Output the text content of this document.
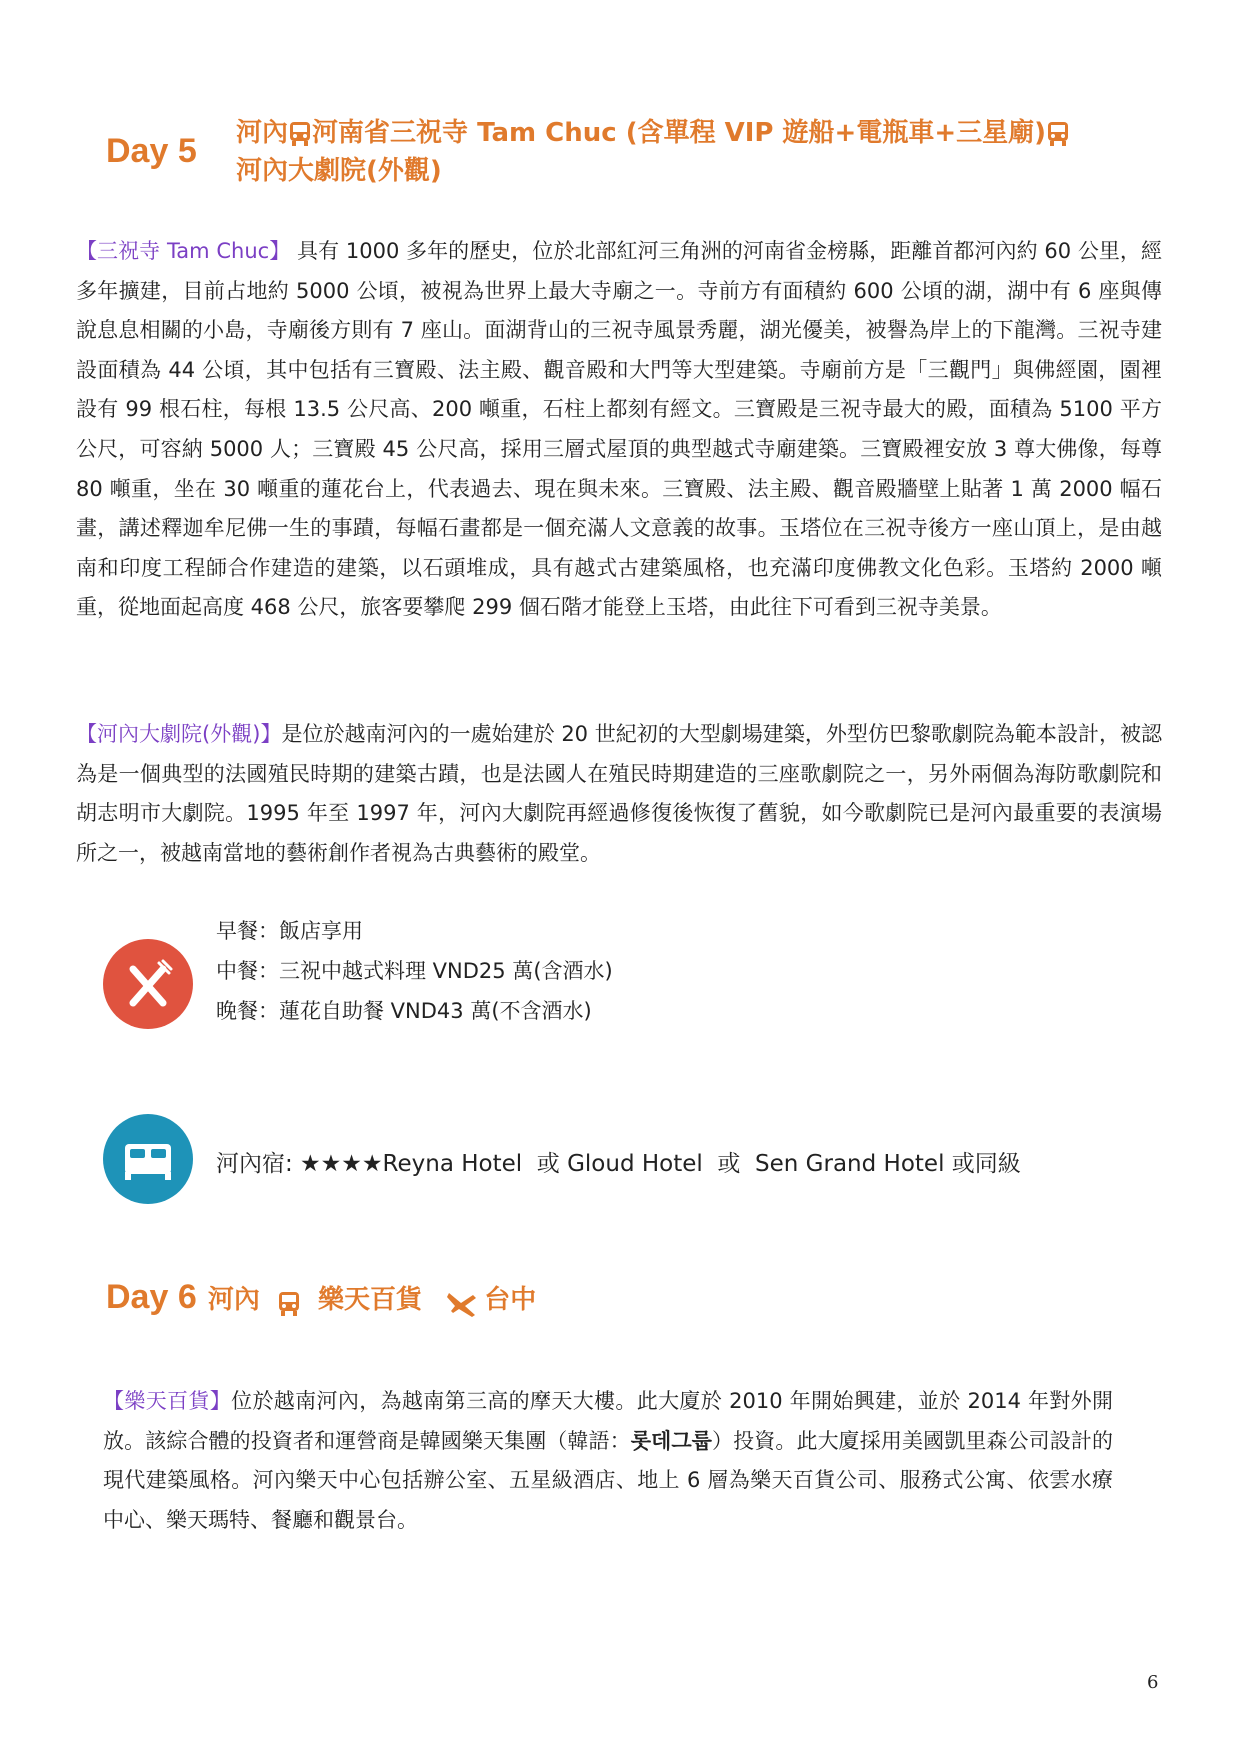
Day 5 河內 河南省三祝寺 Tam Chuc (含單程 VIP 遊船+電瓶車+三星廟)
河內大劇院(外觀)
【三祝寺 Tam Chuc】 具有 1000 多年的歷史，位於北部紅河三角洲的河南省金榜縣，距離首都河內約 60 公里，經多年擴建，目前占地約 5000 公頃，被視為世界上最大寺廟之一。寺前方有面積約 600 公頃的湖，湖中有 6 座與傳說息息相關的小島，寺廟後方則有 7 座山。面湖背山的三祝寺風景秀麗，湖光優美，被譽為岸上的下龍灣。三祝寺建設面積為 44 公頃，其中包括有三寶殿、法主殿、觀音殿和大門等大型建築。寺廟前方是「三觀門」與佛經園，園裡設有 99 根石柱，每根 13.5 公尺高、200 噸重，石柱上都刻有經文。三寶殿是三祝寺最大的殿，面積為 5100 平方公尺，可容納 5000 人；三寶殿 45 公尺高，採用三層式屋頂的典型越式寺廟建築。三寶殿裡安放 3 尊大佛像，每尊 80 噸重，坐在 30 噸重的蓮花台上，代表過去、現在與未來。三寶殿、法主殿、觀音殿牆壁上貼著 1 萬 2000 幅石畫，講述釋迦牟尼佛一生的事蹟，每幅石畫都是一個充滿人文意義的故事。玉塔位在三祝寺後方一座山頂上，是由越南和印度工程師合作建造的建築，以石頭堆成，具有越式古建築風格，也充滿印度佛教文化色彩。玉塔約 2000 噸重，從地面起高度 468 公尺，旅客要攀爬 299 個石階才能登上玉塔，由此往下可看到三祝寺美景。
【河內大劇院(外觀)】是位於越南河內的一處始建於 20 世紀初的大型劇場建築，外型仿巴黎歌劇院為範本設計，被認為是一個典型的法國殖民時期的建築古蹟，也是法國人在殖民時期建造的三座歌劇院之一，另外兩個為海防歌劇院和胡志明市大劇院。1995 年至 1997 年，河內大劇院再經過修復後恢復了舊貌，如今歌劇院已是河內最重要的表演場所之一，被越南當地的藝術創作者視為古典藝術的殿堂。
早餐：飯店享用
中餐：三祝中越式料理 VND25 萬(含酒水)
晚餐：蓮花自助餐 VND43 萬(不含酒水)
河內宿: ★★★★Reyna Hotel  或 Gloud Hotel  或  Sen Grand Hotel 或同級
Day 6 河內 樂天百貨 台中
【樂天百貨】位於越南河內，為越南第三高的摩天大樓。此大廈於 2010 年開始興建，並於 2014 年對外開放。該綜合體的投資者和運營商是韓國樂天集團（韓語：롯데그룹）投資。此大廈採用美國凱里森公司設計的現代建築風格。河內樂天中心包括辦公室、五星級酒店、地上 6 層為樂天百貨公司、服務式公寓、依雲水療中心、樂天瑪特、餐廳和觀景台。
6
